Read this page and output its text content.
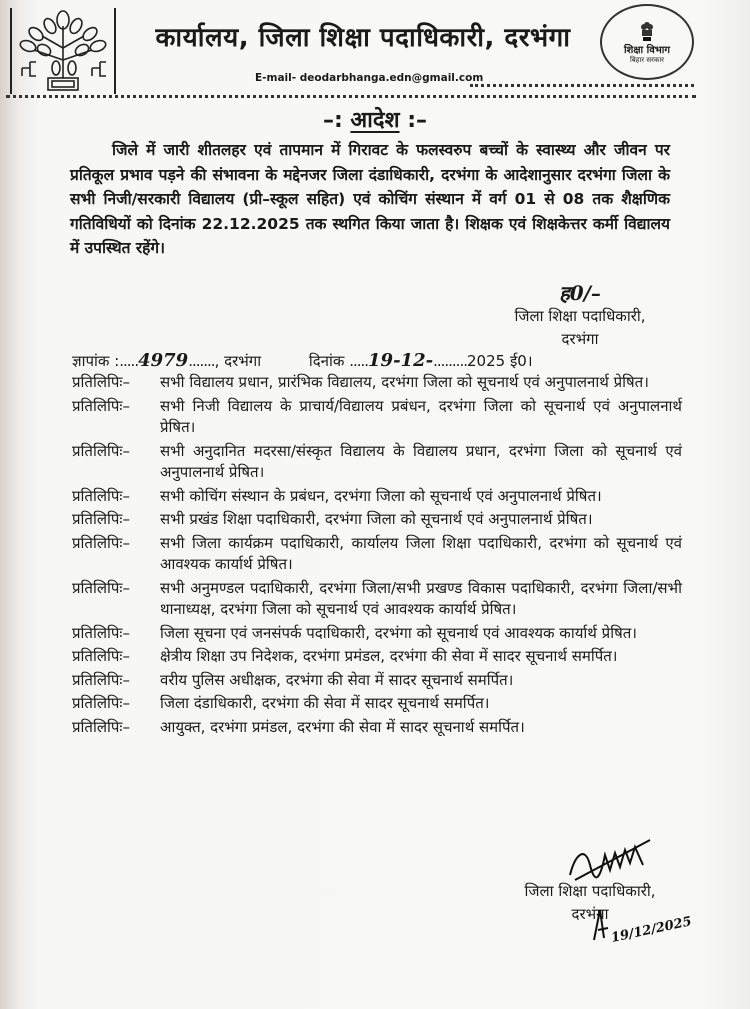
कार्यालय, जिला शिक्षा पदाधिकारी, दरभंगा	शिक्षा विभाग
बिहार सरकार
E-mail- deodarbhanga.edn@gmail.com
–: आदेश :–
जिले में जारी शीतलहर एवं तापमान में गिरावट के फलस्वरुप बच्चों के स्वास्थ्य और जीवन पर प्रतिकूल प्रभाव पड़ने की संभावना के मद्देनजर जिला दंडाधिकारी, दरभंगा के आदेशानुसार दरभंगा जिला के सभी निजी/सरकारी विद्यालय (प्री–स्कूल सहित) एवं कोचिंग संस्थान में वर्ग 01 से 08 तक शैक्षणिक गतिविधियों को दिनांक 22.12.2025 तक स्थगित किया जाता है। शिक्षक एवं शिक्षकेत्तर कर्मी विद्यालय में उपस्थित रहेंगे।
ह0/–
जिला शिक्षा पदाधिकारी,
दरभंगा
ज्ञापांक :.....4979......., दरभंगा	दिनांक .....19-12-.........2025 ई0।
प्रतिलिपिः–	सभी विद्यालय प्रधान, प्रारंभिक विद्यालय, दरभंगा जिला को सूचनार्थ एवं अनुपालनार्थ प्रेषित।
प्रतिलिपिः–	सभी निजी विद्यालय के प्राचार्य/विद्यालय प्रबंधन, दरभंगा जिला को सूचनार्थ एवं अनुपालनार्थ प्रेषित।
प्रतिलिपिः–	सभी अनुदानित मदरसा/संस्कृत विद्यालय के विद्यालय प्रधान, दरभंगा जिला को सूचनार्थ एवं अनुपालनार्थ प्रेषित।
प्रतिलिपिः–	सभी कोचिंग संस्थान के प्रबंधन, दरभंगा जिला को सूचनार्थ एवं अनुपालनार्थ प्रेषित।
प्रतिलिपिः–	सभी प्रखंड शिक्षा पदाधिकारी, दरभंगा जिला को सूचनार्थ एवं अनुपालनार्थ प्रेषित।
प्रतिलिपिः–	सभी जिला कार्यक्रम पदाधिकारी, कार्यालय जिला शिक्षा पदाधिकारी, दरभंगा को सूचनार्थ एवं आवश्यक कार्यार्थ प्रेषित।
प्रतिलिपिः–	सभी अनुमण्डल पदाधिकारी, दरभंगा जिला/सभी प्रखण्ड विकास पदाधिकारी, दरभंगा जिला/सभी थानाध्यक्ष, दरभंगा जिला को सूचनार्थ एवं आवश्यक कार्यार्थ प्रेषित।
प्रतिलिपिः–	जिला सूचना एवं जनसंपर्क पदाधिकारी, दरभंगा को सूचनार्थ एवं आवश्यक कार्यार्थ प्रेषित।
प्रतिलिपिः–	क्षेत्रीय शिक्षा उप निदेशक, दरभंगा प्रमंडल, दरभंगा की सेवा में सादर सूचनार्थ समर्पित।
प्रतिलिपिः–	वरीय पुलिस अधीक्षक, दरभंगा की सेवा में सादर सूचनार्थ समर्पित।
प्रतिलिपिः–	जिला दंडाधिकारी, दरभंगा की सेवा में सादर सूचनार्थ समर्पित।
प्रतिलिपिः–	आयुक्त, दरभंगा प्रमंडल, दरभंगा की सेवा में सादर सूचनार्थ समर्पित।
जिला शिक्षा पदाधिकारी,
दरभंगा
19/12/2025
